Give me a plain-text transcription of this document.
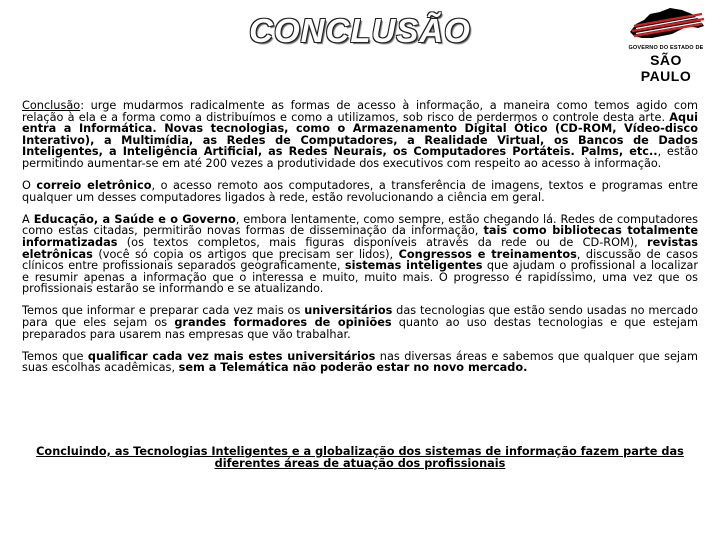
CONCLUSÃO	GOVERNO DO ESTADO DE
SÃO PAULO

Conclusão: urge mudarmos radicalmente as formas de acesso à informação, a maneira como temos agido com relação à ela e a forma como a distribuímos e como a utilizamos, sob risco de perdermos o controle desta arte. Aqui entra a Informática. Novas tecnologias, como o Armazenamento Digital Ótico (CD-ROM, Vídeo-disco Interativo), a Multimídia, as Redes de Computadores, a Realidade Virtual, os Bancos de Dados Inteligentes, a Inteligência Artificial, as Redes Neurais, os Computadores Portáteis. Palms, etc.., estão permitindo aumentar-se em até 200 vezes a produtividade dos executivos com respeito ao acesso à informação.

O correio eletrônico, o acesso remoto aos computadores, a transferência de imagens, textos e programas entre qualquer um desses computadores ligados à rede, estão revolucionando a ciência em geral.

A Educação, a Saúde e o Governo, embora lentamente, como sempre, estão chegando lá. Redes de computadores como estas citadas, permitirão novas formas de disseminação da informação, tais como bibliotecas totalmente informatizadas (os textos completos, mais figuras disponíveis através da rede ou de CD-ROM), revistas eletrônicas (você só copia os artigos que precisam ser lidos), Congressos e treinamentos, discussão de casos clínicos entre profissionais separados geograficamente, sistemas inteligentes que ajudam o profissional a localizar e resumir apenas a informação que o interessa e muito, muito mais. O progresso é rapidíssimo, uma vez que os profissionais estarão se informando e se atualizando.

Temos que informar e preparar cada vez mais os universitários das tecnologias que estão sendo usadas no mercado para que eles sejam os grandes formadores de opiniões quanto ao uso destas tecnologias e que estejam preparados para usarem nas empresas que vão trabalhar.

Temos que qualificar cada vez mais estes universitários nas diversas áreas e sabemos que qualquer que sejam suas escolhas acadêmicas, sem a Telemática não poderão estar no novo mercado.

Concluindo, as Tecnologias Inteligentes e a globalização dos sistemas de informação fazem parte das diferentes áreas de atuação dos profissionais
